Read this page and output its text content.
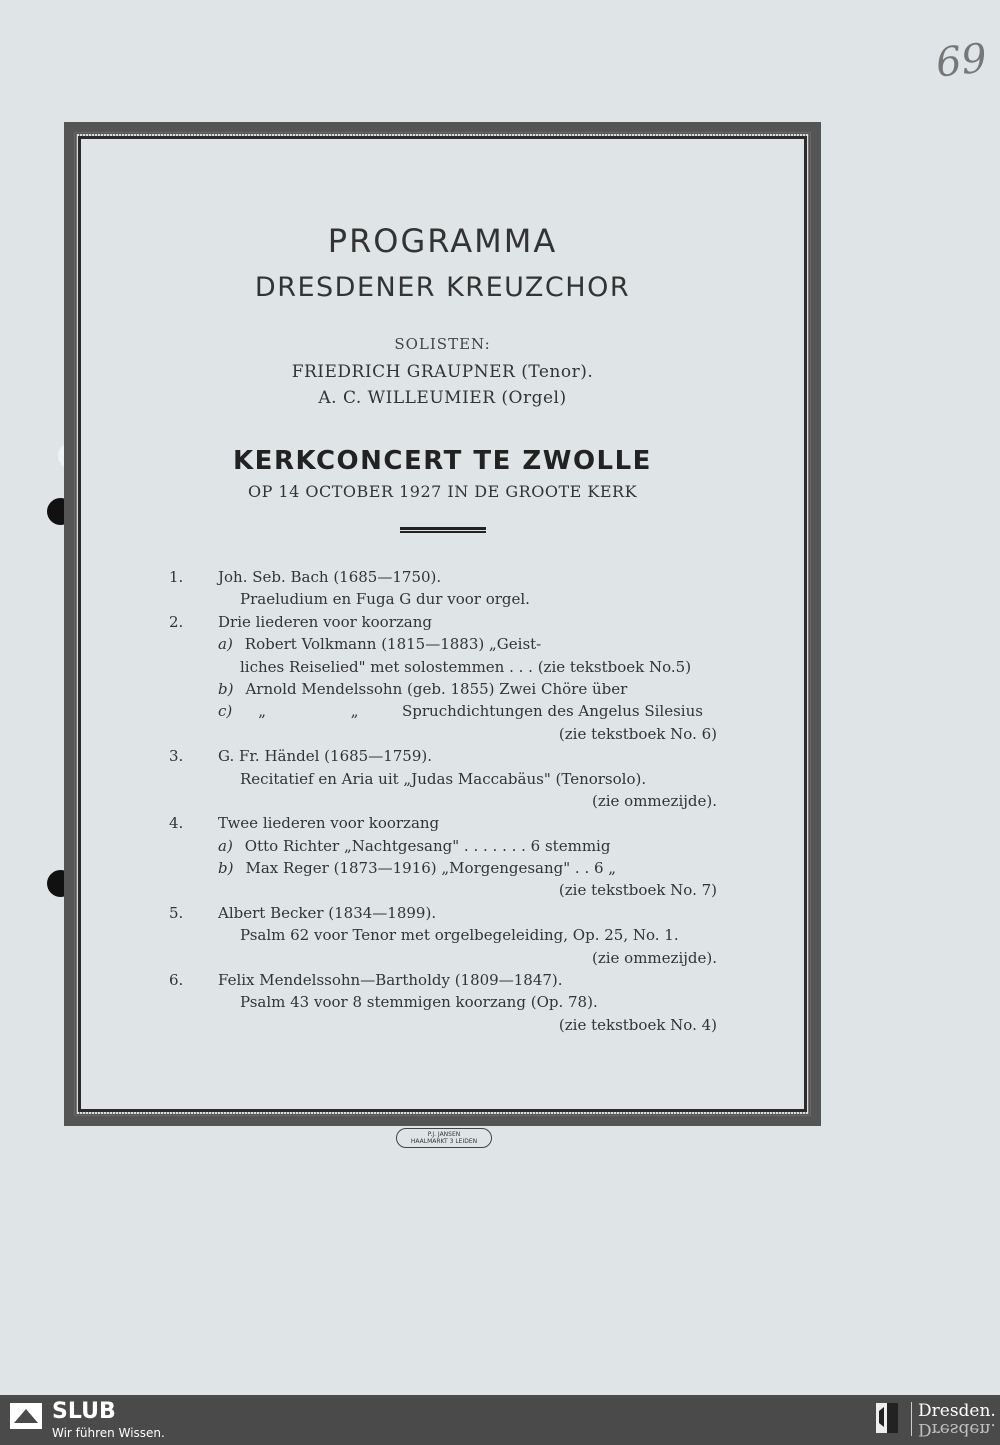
69
PROGRAMMA
DRESDENER KREUZCHOR
SOLISTEN:
FRIEDRICH GRAUPNER (Tenor).
A. C. WILLEUMIER (Orgel)
KERKCONCERT TE ZWOLLE
OP 14 OCTOBER 1927 IN DE GROOTE KERK
1. Joh. Seb. Bach (1685—1750).
Praeludium en Fuga G dur voor orgel.
2. Drie liederen voor koorzang
a) Robert Volkmann (1815—1883) „Geist-
liches Reiselied" met solostemmen . . . (zie tekstboek No.5)
b) Arnold Mendelssohn (geb. 1855) Zwei Chöre über
c) „ „ Spruchdichtungen des Angelus Silesius
(zie tekstboek No. 6)
3. G. Fr. Händel (1685—1759).
Recitatief en Aria uit „Judas Maccabäus" (Tenorsolo).
(zie ommezijde).
4. Twee liederen voor koorzang
a) Otto Richter „Nachtgesang" . . . . . . . 6 stemmig
b) Max Reger (1873—1916) „Morgengesang" . . 6 „
(zie tekstboek No. 7)
5. Albert Becker (1834—1899).
Psalm 62 voor Tenor met orgelbegeleiding, Op. 25, No. 1.
(zie ommezijde).
6. Felix Mendelssohn—Bartholdy (1809—1847).
Psalm 43 voor 8 stemmigen koorzang (Op. 78).
(zie tekstboek No. 4)
P.J. JANSEN
HAALMARKT 3 LEIDEN
SLUB
Wir führen Wissen.
Dresden.
Dresden.
